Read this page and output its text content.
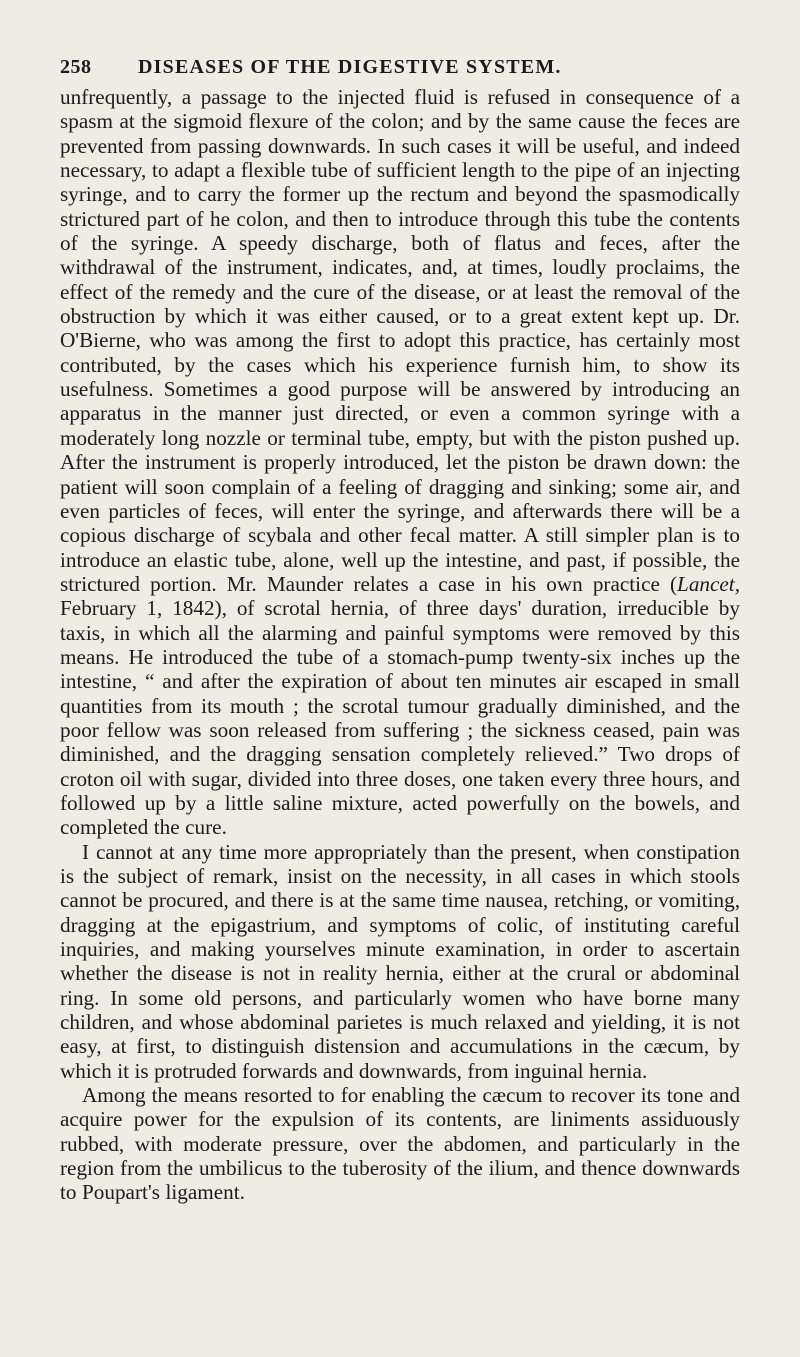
258 DISEASES OF THE DIGESTIVE SYSTEM.

unfrequently, a passage to the injected fluid is refused in consequence of a spasm at the sigmoid flexure of the colon; and by the same cause the feces are prevented from passing downwards. In such cases it will be useful, and indeed necessary, to adapt a flexible tube of sufficient length to the pipe of an injecting syringe, and to carry the former up the rectum and beyond the spasmodically strictured part of he colon, and then to introduce through this tube the contents of the syringe. A speedy discharge, both of flatus and feces, after the withdrawal of the instrument, indicates, and, at times, loudly proclaims, the effect of the remedy and the cure of the disease, or at least the removal of the obstruction by which it was either caused, or to a great extent kept up. Dr. O'Bierne, who was among the first to adopt this practice, has certainly most contributed, by the cases which his experience furnish him, to show its usefulness. Sometimes a good purpose will be answered by introducing an apparatus in the manner just directed, or even a common syringe with a moderately long nozzle or terminal tube, empty, but with the piston pushed up. After the instrument is properly introduced, let the piston be drawn down: the patient will soon complain of a feeling of dragging and sinking; some air, and even particles of feces, will enter the syringe, and afterwards there will be a copious discharge of scybala and other fecal matter. A still simpler plan is to introduce an elastic tube, alone, well up the intestine, and past, if possible, the strictured portion. Mr. Maunder relates a case in his own practice (Lancet, February 1, 1842), of scrotal hernia, of three days' duration, irreducible by taxis, in which all the alarming and painful symptoms were removed by this means. He introduced the tube of a stomach-pump twenty-six inches up the intestine, “ and after the expiration of about ten minutes air escaped in small quantities from its mouth ; the scrotal tumour gradually diminished, and the poor fellow was soon released from suffering ; the sickness ceased, pain was diminished, and the dragging sensation completely relieved.” Two drops of croton oil with sugar, divided into three doses, one taken every three hours, and followed up by a little saline mixture, acted powerfully on the bowels, and completed the cure.

I cannot at any time more appropriately than the present, when constipation is the subject of remark, insist on the necessity, in all cases in which stools cannot be procured, and there is at the same time nausea, retching, or vomiting, dragging at the epigastrium, and symptoms of colic, of instituting careful inquiries, and making yourselves minute examination, in order to ascertain whether the disease is not in reality hernia, either at the crural or abdominal ring. In some old persons, and particularly women who have borne many children, and whose abdominal parietes is much relaxed and yielding, it is not easy, at first, to distinguish distension and accumulations in the cæcum, by which it is protruded forwards and downwards, from inguinal hernia.

Among the means resorted to for enabling the cæcum to recover its tone and acquire power for the expulsion of its contents, are liniments assiduously rubbed, with moderate pressure, over the abdomen, and particularly in the region from the umbilicus to the tuberosity of the ilium, and thence downwards to Poupart's ligament.
